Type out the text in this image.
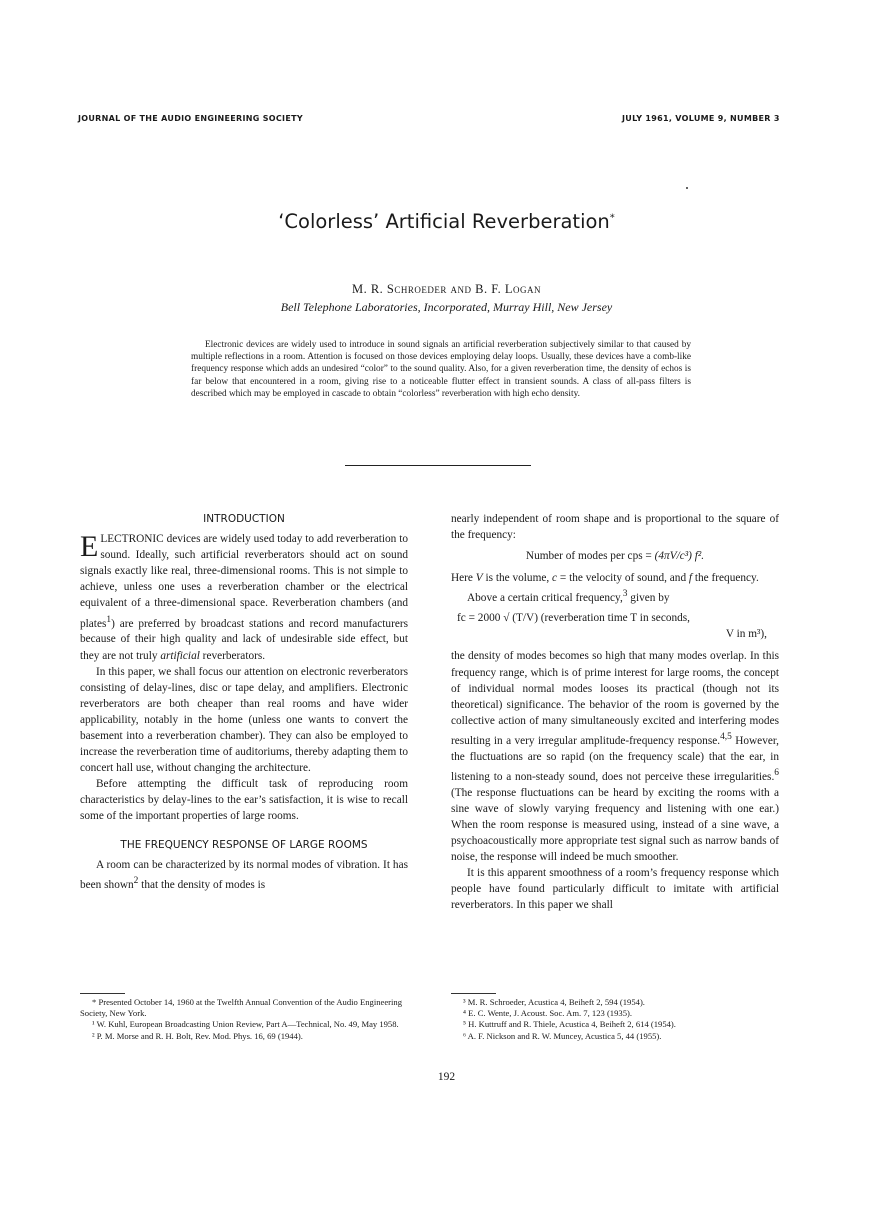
JOURNAL OF THE AUDIO ENGINEERING SOCIETY	JULY 1961, VOLUME 9, NUMBER 3
‘Colorless’ Artificial Reverberation*
M. R. Schroeder and B. F. Logan
Bell Telephone Laboratories, Incorporated, Murray Hill, New Jersey

Electronic devices are widely used to introduce in sound signals an artificial reverberation subjectively similar to that caused by multiple reflections in a room. Attention is focused on those devices employing delay loops. Usually, these devices have a comb-like frequency response which adds an undesired “color” to the sound quality. Also, for a given reverberation time, the density of echos is far below that encountered in a room, giving rise to a noticeable flutter effect in transient sounds. A class of all-pass filters is described which may be employed in cascade to obtain “colorless” reverberation with high echo density.

INTRODUCTION

ELECTRONIC devices are widely used today to add reverberation to sound. Ideally, such artificial reverberators should act on sound signals exactly like real, three-dimensional rooms. This is not simple to achieve, unless one uses a reverberation chamber or the electrical equivalent of a three-dimensional space. Reverberation chambers (and plates$^1$) are preferred by broadcast stations and record manufacturers because of their high quality and lack of undesirable side effect, but they are not truly artificial reverberators.

In this paper, we shall focus our attention on electronic reverberators consisting of delay-lines, disc or tape delay, and amplifiers. Electronic reverberators are both cheaper than real rooms and have wider applicability, notably in the home (unless one wants to convert the basement into a reverberation chamber). They can also be employed to increase the reverberation time of auditoriums, thereby adapting them to concert hall use, without changing the architecture.

Before attempting the difficult task of reproducing room characteristics by delay-lines to the ear’s satisfaction, it is wise to recall some of the important properties of large rooms.

THE FREQUENCY RESPONSE OF LARGE ROOMS

A room can be characterized by its normal modes of vibration. It has been shown$^2$ that the density of modes is

nearly independent of room shape and is proportional to the square of the frequency:

Number of modes per cps = (4πV/c³) f².

Here V is the volume, c = the velocity of sound, and f the frequency.

Above a certain critical frequency,$^3$ given by

fc = 2000 √ (T/V) (reverberation time T in seconds,
V in m³),

the density of modes becomes so high that many modes overlap. In this frequency range, which is of prime interest for large rooms, the concept of individual normal modes looses its practical (though not its theoretical) significance. The behavior of the room is governed by the collective action of many simultaneously excited and interfering modes resulting in a very irregular amplitude-frequency response.$^{4,5}$ However, the fluctuations are so rapid (on the frequency scale) that the ear, in listening to a non-steady sound, does not perceive these irregularities.$^6$ (The response fluctuations can be heard by exciting the rooms with a sine wave of slowly varying frequency and listening with one ear.) When the room response is measured using, instead of a sine wave, a psychoacoustically more appropriate test signal such as narrow bands of noise, the response will indeed be much smoother.

It is this apparent smoothness of a room’s frequency response which people have found particularly difficult to imitate with artificial reverberators. In this paper we shall

* Presented October 14, 1960 at the Twelfth Annual Convention of the Audio Engineering Society, New York.
¹ W. Kuhl, European Broadcasting Union Review, Part A—Technical, No. 49, May 1958.
² P. M. Morse and R. H. Bolt, Rev. Mod. Phys. 16, 69 (1944).
³ M. R. Schroeder, Acustica 4, Beiheft 2, 594 (1954).
⁴ E. C. Wente, J. Acoust. Soc. Am. 7, 123 (1935).
⁵ H. Kuttruff and R. Thiele, Acustica 4, Beiheft 2, 614 (1954).
⁶ A. F. Nickson and R. W. Muncey, Acustica 5, 44 (1955).
192
